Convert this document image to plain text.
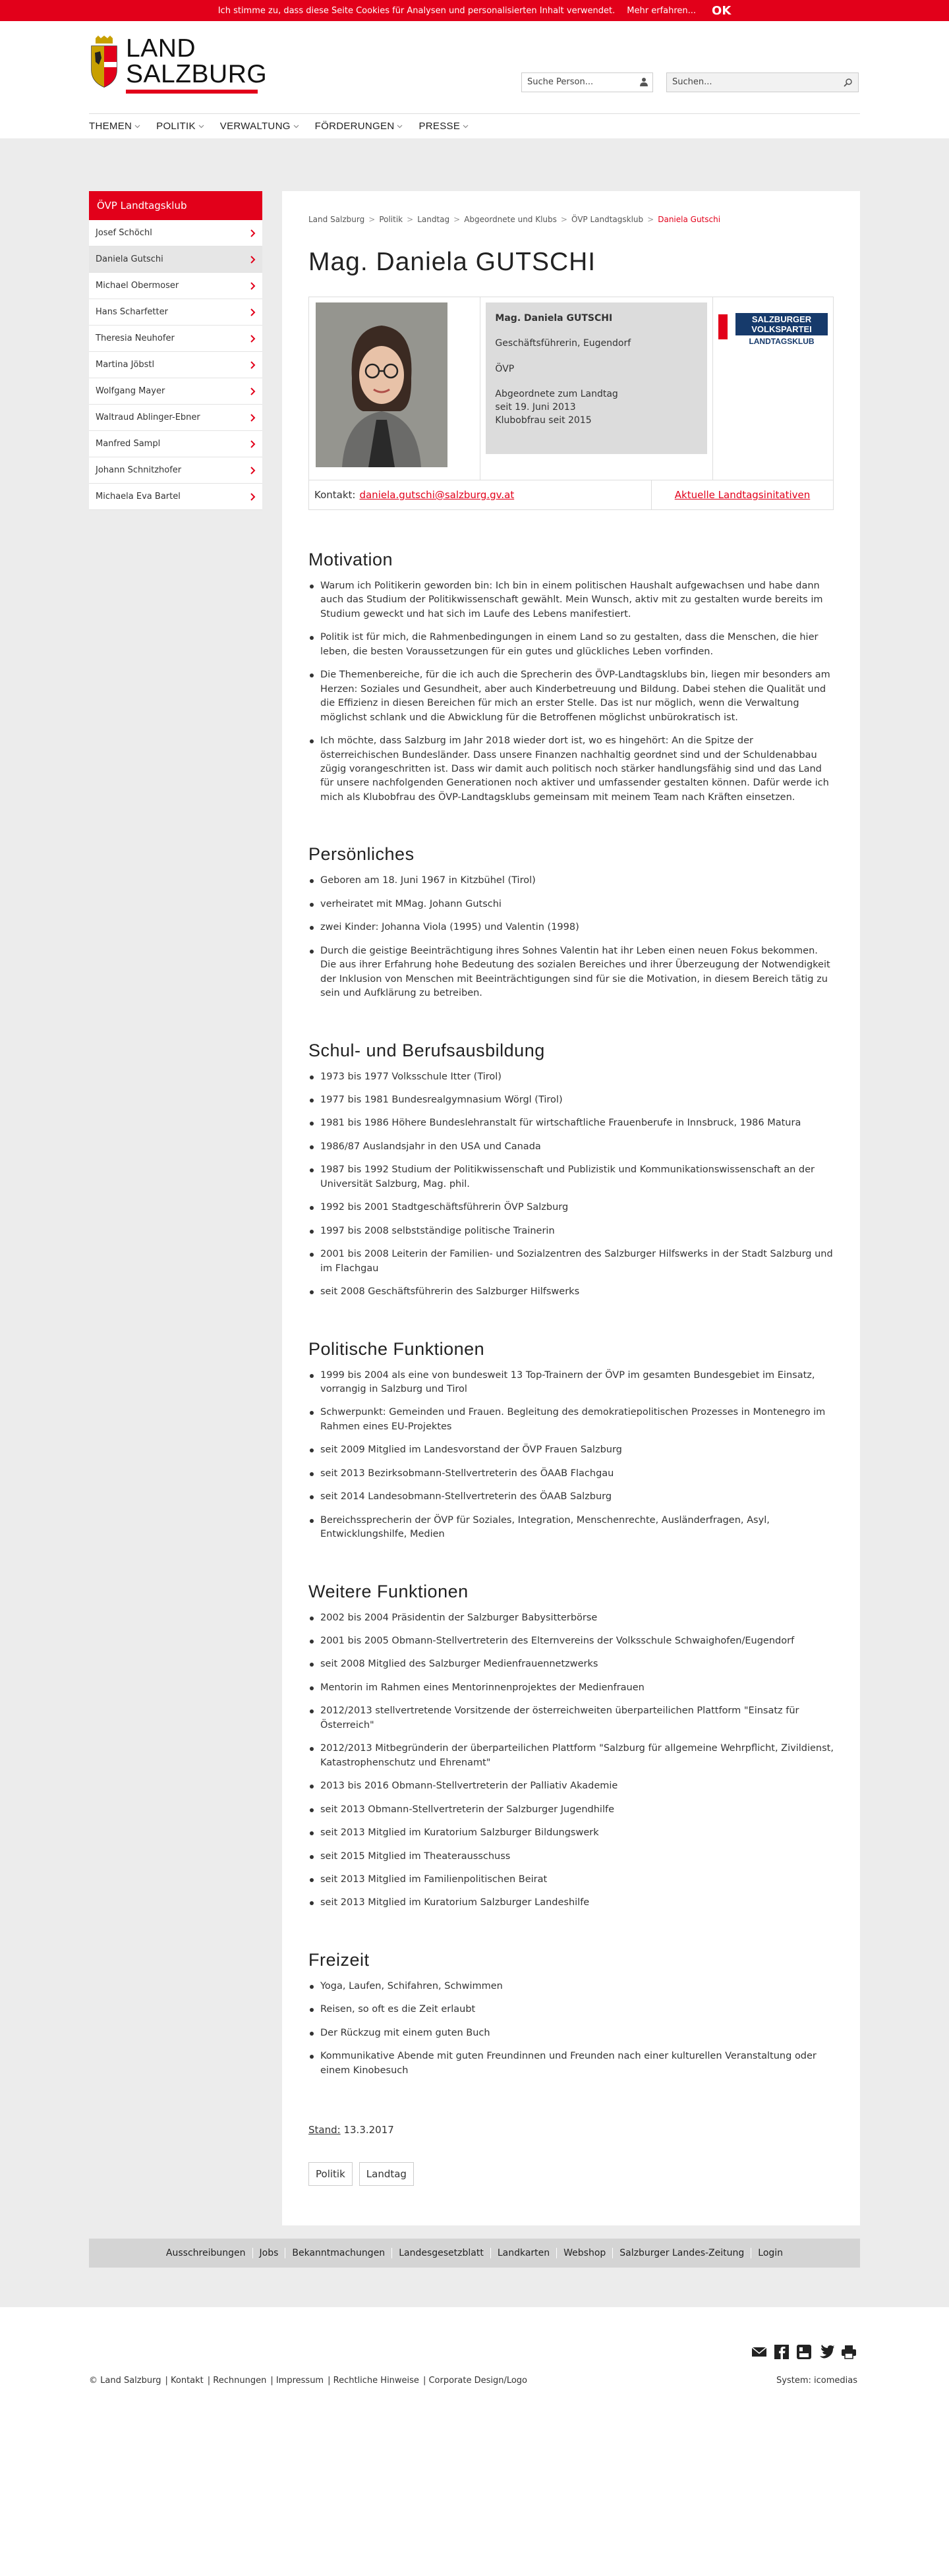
Ich stimme zu, dass diese Seite Cookies für Analysen und personalisierten Inhalt verwendet. Mehr erfahren... OK
LAND
SALZBURG	Suche Person...	Suchen...
THEMEN POLITIK VERWALTUNG FÖRDERUNGEN PRESSE
ÖVP Landtagsklub
Josef Schöchl
Daniela Gutschi
Michael Obermoser
Hans Scharfetter
Theresia Neuhofer
Martina Jöbstl
Wolfgang Mayer
Waltraud Ablinger-Ebner
Manfred Sampl
Johann Schnitzhofer
Michaela Eva Bartel
Land Salzburg > Politik > Landtag > Abgeordnete und Klubs > ÖVP Landtagsklub > Daniela Gutschi
Mag. Daniela GUTSCHI
Mag. Daniela GUTSCHI

Geschäftsführerin, Eugendorf

ÖVP

Abgeordnete zum Landtag
seit 19. Juni 2013
Klubobfrau seit 2015
SALZBURGER VOLKSPARTEI
LANDTAGSKLUB
Kontakt: daniela.gutschi@salzburg.gv.at	Aktuelle Landtagsinitativen
Motivation
Warum ich Politikerin geworden bin: Ich bin in einem politischen Haushalt aufgewachsen und habe dann auch das Studium der Politikwissenschaft gewählt. Mein Wunsch, aktiv mit zu gestalten wurde bereits im Studium geweckt und hat sich im Laufe des Lebens manifestiert.
Politik ist für mich, die Rahmenbedingungen in einem Land so zu gestalten, dass die Menschen, die hier leben, die besten Voraussetzungen für ein gutes und glückliches Leben vorfinden.
Die Themenbereiche, für die ich auch die Sprecherin des ÖVP-Landtagsklubs bin, liegen mir besonders am Herzen: Soziales und Gesundheit, aber auch Kinderbetreuung und Bildung. Dabei stehen die Qualität und die Effizienz in diesen Bereichen für mich an erster Stelle. Das ist nur möglich, wenn die Verwaltung möglichst schlank und die Abwicklung für die Betroffenen möglichst unbürokratisch ist.
Ich möchte, dass Salzburg im Jahr 2018 wieder dort ist, wo es hingehört: An die Spitze der österreichischen Bundesländer. Dass unsere Finanzen nachhaltig geordnet sind und der Schuldenabbau zügig vorangeschritten ist. Dass wir damit auch politisch noch stärker handlungsfähig sind und das Land für unsere nachfolgenden Generationen noch aktiver und umfassender gestalten können. Dafür werde ich mich als Klubobfrau des ÖVP-Landtagsklubs gemeinsam mit meinem Team nach Kräften einsetzen.
Persönliches
Geboren am 18. Juni 1967 in Kitzbühel (Tirol)
verheiratet mit MMag. Johann Gutschi
zwei Kinder: Johanna Viola (1995) und Valentin (1998)
Durch die geistige Beeinträchtigung ihres Sohnes Valentin hat ihr Leben einen neuen Fokus bekommen. Die aus ihrer Erfahrung hohe Bedeutung des sozialen Bereiches und ihrer Überzeugung der Notwendigkeit der Inklusion von Menschen mit Beeinträchtigungen sind für sie die Motivation, in diesem Bereich tätig zu sein und Aufklärung zu betreiben.
Schul- und Berufsausbildung
1973 bis 1977 Volksschule Itter (Tirol)
1977 bis 1981 Bundesrealgymnasium Wörgl (Tirol)
1981 bis 1986 Höhere Bundeslehranstalt für wirtschaftliche Frauenberufe in Innsbruck, 1986 Matura
1986/87 Auslandsjahr in den USA und Canada
1987 bis 1992 Studium der Politikwissenschaft und Publizistik und Kommunikationswissenschaft an der Universität Salzburg, Mag. phil.
1992 bis 2001 Stadtgeschäftsführerin ÖVP Salzburg
1997 bis 2008 selbstständige politische Trainerin
2001 bis 2008 Leiterin der Familien- und Sozialzentren des Salzburger Hilfswerks in der Stadt Salzburg und im Flachgau
seit 2008 Geschäftsführerin des Salzburger Hilfswerks
Politische Funktionen
1999 bis 2004 als eine von bundesweit 13 Top-Trainern der ÖVP im gesamten Bundesgebiet im Einsatz, vorrangig in Salzburg und Tirol
Schwerpunkt: Gemeinden und Frauen. Begleitung des demokratiepolitischen Prozesses in Montenegro im Rahmen eines EU-Projektes
seit 2009 Mitglied im Landesvorstand der ÖVP Frauen Salzburg
seit 2013 Bezirksobmann-Stellvertreterin des ÖAAB Flachgau
seit 2014 Landesobmann-Stellvertreterin des ÖAAB Salzburg
Bereichssprecherin der ÖVP für Soziales, Integration, Menschenrechte, Ausländerfragen, Asyl, Entwicklungshilfe, Medien
Weitere Funktionen
2002 bis 2004 Präsidentin der Salzburger Babysitterbörse
2001 bis 2005 Obmann-Stellvertreterin des Elternvereins der Volksschule Schwaighofen/Eugendorf
seit 2008 Mitglied des Salzburger Medienfrauennetzwerks
Mentorin im Rahmen eines Mentorinnenprojektes der Medienfrauen
2012/2013 stellvertretende Vorsitzende der österreichweiten überparteilichen Plattform "Einsatz für Österreich"
2012/2013 Mitbegründerin der überparteilichen Plattform "Salzburg für allgemeine Wehrpflicht, Zivildienst, Katastrophenschutz und Ehrenamt"
2013 bis 2016 Obmann-Stellvertreterin der Palliativ Akademie
seit 2013 Obmann-Stellvertreterin der Salzburger Jugendhilfe
seit 2013 Mitglied im Kuratorium Salzburger Bildungswerk
seit 2015 Mitglied im Theaterausschuss
seit 2013 Mitglied im Familienpolitischen Beirat
seit 2013 Mitglied im Kuratorium Salzburger Landeshilfe
Freizeit
Yoga, Laufen, Schifahren, Schwimmen
Reisen, so oft es die Zeit erlaubt
Der Rückzug mit einem guten Buch
Kommunikative Abende mit guten Freundinnen und Freunden nach einer kulturellen Veranstaltung oder einem Kinobesuch
Stand: 13.3.2017
Politik	Landtag
Ausschreibungen	Jobs	Bekanntmachungen	Landesgesetzblatt	Landkarten	Webshop	Salzburger Landes-Zeitung	Login
© Land Salzburg | Kontakt | Rechnungen | Impressum | Rechtliche Hinweise | Corporate Design/Logo	System: icomedias
